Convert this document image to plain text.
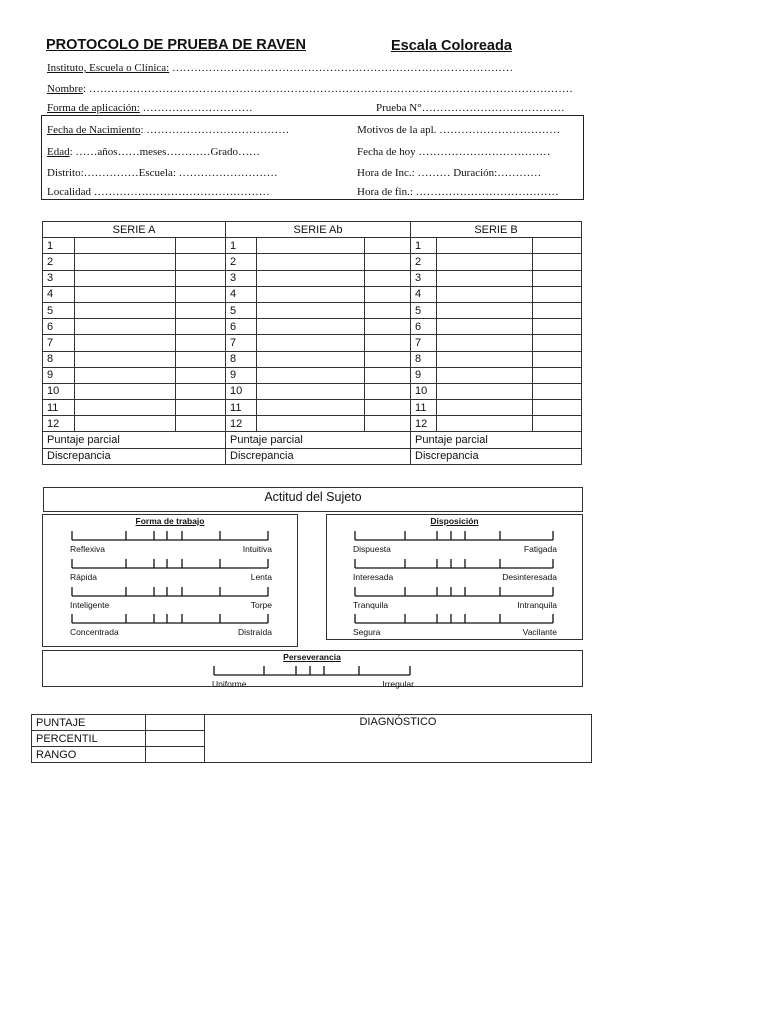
PROTOCOLO DE PRUEBA DE RAVEN	Escala Coloreada
Instituto, Escuela o Clínica: …………………………………………………………………………………
Nombre: ……………………………………………………………………………………………………………………
Forma de aplicación: …………………………	Prueba N°…………………………………
Fecha de Nacimiento: …………………………………	Motivos de la apl. ……………………………
Edad: ……años……meses…………Grado……	Fecha de hoy ………………………………
Distrito:……………Escuela: ………………………	Hora de Inc.: ……… Duración:…………
Localidad …………………………………………	Hora de fin.: …………………………………
SERIE A			SERIE Ab			SERIE B		
1			1			1		
2			2			2		
3			3			3		
4			4			4		
5			5			5		
6			6			6		
7			7			7		
8			8			8		
9			9			9		
10			10			10		
11			11			11		
12			12			12		
Puntaje parcial			Puntaje parcial			Puntaje parcial		
Discrepancia			Discrepancia			Discrepancia		
Actitud del Sujeto
Forma de trabajo	Disposición
Perseverancia
Reflexiva	Intuitiva
Rápida	Lenta
Inteligente	Torpe
Concentrada	Distraída
Dispuesta	Fatigada
Interesada	Desinteresada
Tranquila	Intranquila
Segura	Vacilante
Uniforme	Irregular
PUNTAJE		DIAGNÓSTICO
PERCENTIL		
RANGO		
